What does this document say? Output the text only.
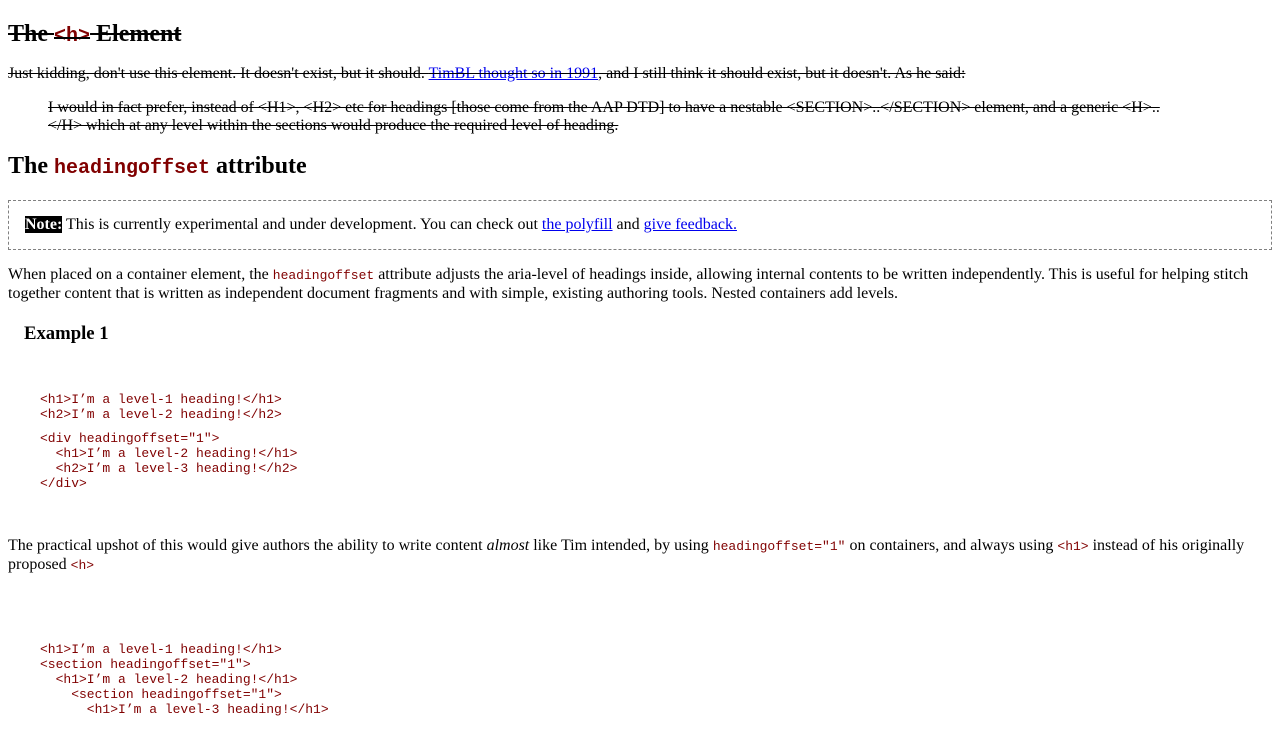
The <h> Element

Just kidding, don't use this element. It doesn't exist, but it should. TimBL thought so in 1991, and I still think it should exist, but it doesn't. As he said:

I would in fact prefer, instead of <H1>, <H2> etc for headings [those come from the AAP DTD] to have a nestable <SECTION>..</SECTION> element, and a generic <H>..</H> which at any level within the sections would produce the required level of heading.
The headingoffset attribute
Note: This is currently experimental and under development. You can check out the polyfill and give feedback.

When placed on a container element, the headingoffset attribute adjusts the aria-level of headings inside, allowing internal contents to be written independently. This is useful for helping stitch together content that is written as independent document fragments and with simple, existing authoring tools. Nested containers add levels.

Example 1
<h1>I’m a level-1 heading!</h1>
<h2>I’m a level-2 heading!</h2>
<div headingoffset="1">
<h1>I’m a level-2 heading!</h1>
<h2>I’m a level-3 heading!</h2>
</div>

The practical upshot of this would give authors the ability to write content almost like Tim intended, by using headingoffset="1" on containers, and always using <h1> instead of his originally proposed <h>

<h1>I’m a level-1 heading!</h1>
<section headingoffset="1">
<h1>I’m a level-2 heading!</h1>
<section headingoffset="1">
<h1>I’m a level-3 heading!</h1>
